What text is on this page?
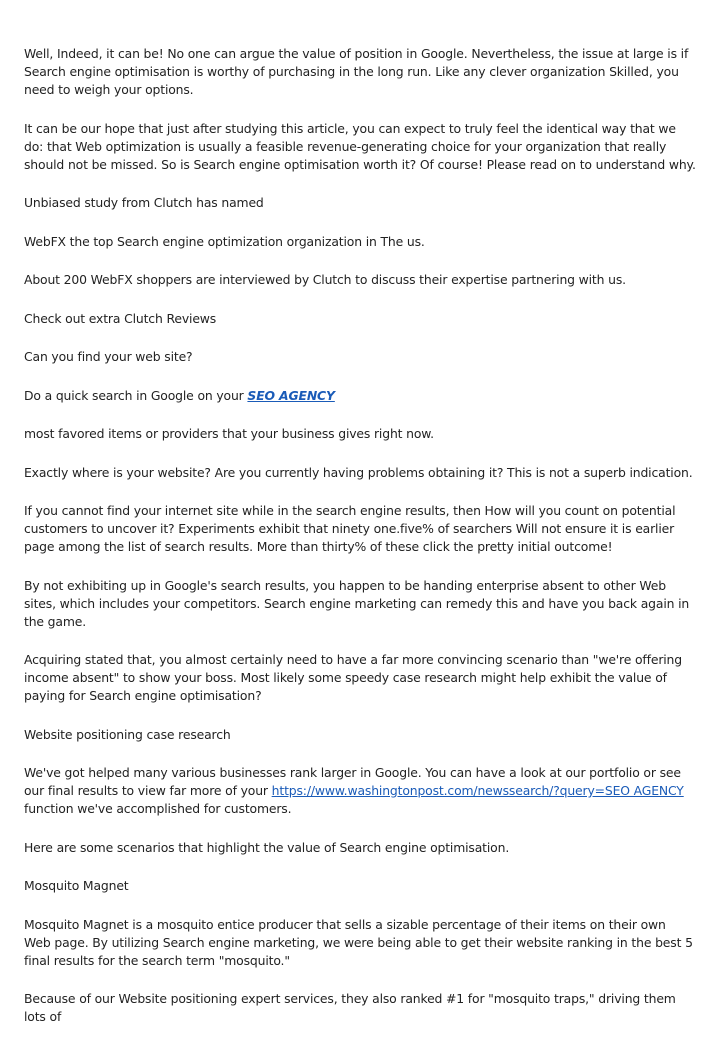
Well, Indeed, it can be! No one can argue the value of position in Google. Nevertheless, the issue at large is if Search engine optimisation is worthy of purchasing in the long run. Like any clever organization Skilled, you need to weigh your options.

It can be our hope that just after studying this article, you can expect to truly feel the identical way that we do: that Web optimization is usually a feasible revenue-generating choice for your organization that really should not be missed. So is Search engine optimisation worth it? Of course! Please read on to understand why.

Unbiased study from Clutch has named

WebFX the top Search engine optimization organization in The us.

About 200 WebFX shoppers are interviewed by Clutch to discuss their expertise partnering with us.

Check out extra Clutch Reviews

Can you find your web site?

Do a quick search in Google on your SEO AGENCY

most favored items or providers that your business gives right now.

Exactly where is your website? Are you currently having problems obtaining it? This is not a superb indication.

If you cannot find your internet site while in the search engine results, then How will you count on potential customers to uncover it? Experiments exhibit that ninety one.five% of searchers Will not ensure it is earlier page among the list of search results. More than thirty% of these click the pretty initial outcome!

By not exhibiting up in Google's search results, you happen to be handing enterprise absent to other Web sites, which includes your competitors. Search engine marketing can remedy this and have you back again in the game.

Acquiring stated that, you almost certainly need to have a far more convincing scenario than "we're offering income absent" to show your boss. Most likely some speedy case research might help exhibit the value of paying for Search engine optimisation?

Website positioning case research

We've got helped many various businesses rank larger in Google. You can have a look at our portfolio or see our final results to view far more of your https://www.washingtonpost.com/newssearch/?query=SEO AGENCY function we've accomplished for customers.

Here are some scenarios that highlight the value of Search engine optimisation.

Mosquito Magnet

Mosquito Magnet is a mosquito entice producer that sells a sizable percentage of their items on their own Web page. By utilizing Search engine marketing, we were being able to get their website ranking in the best 5 final results for the search term "mosquito."

Because of our Website positioning expert services, they also ranked #1 for "mosquito traps," driving them lots of
